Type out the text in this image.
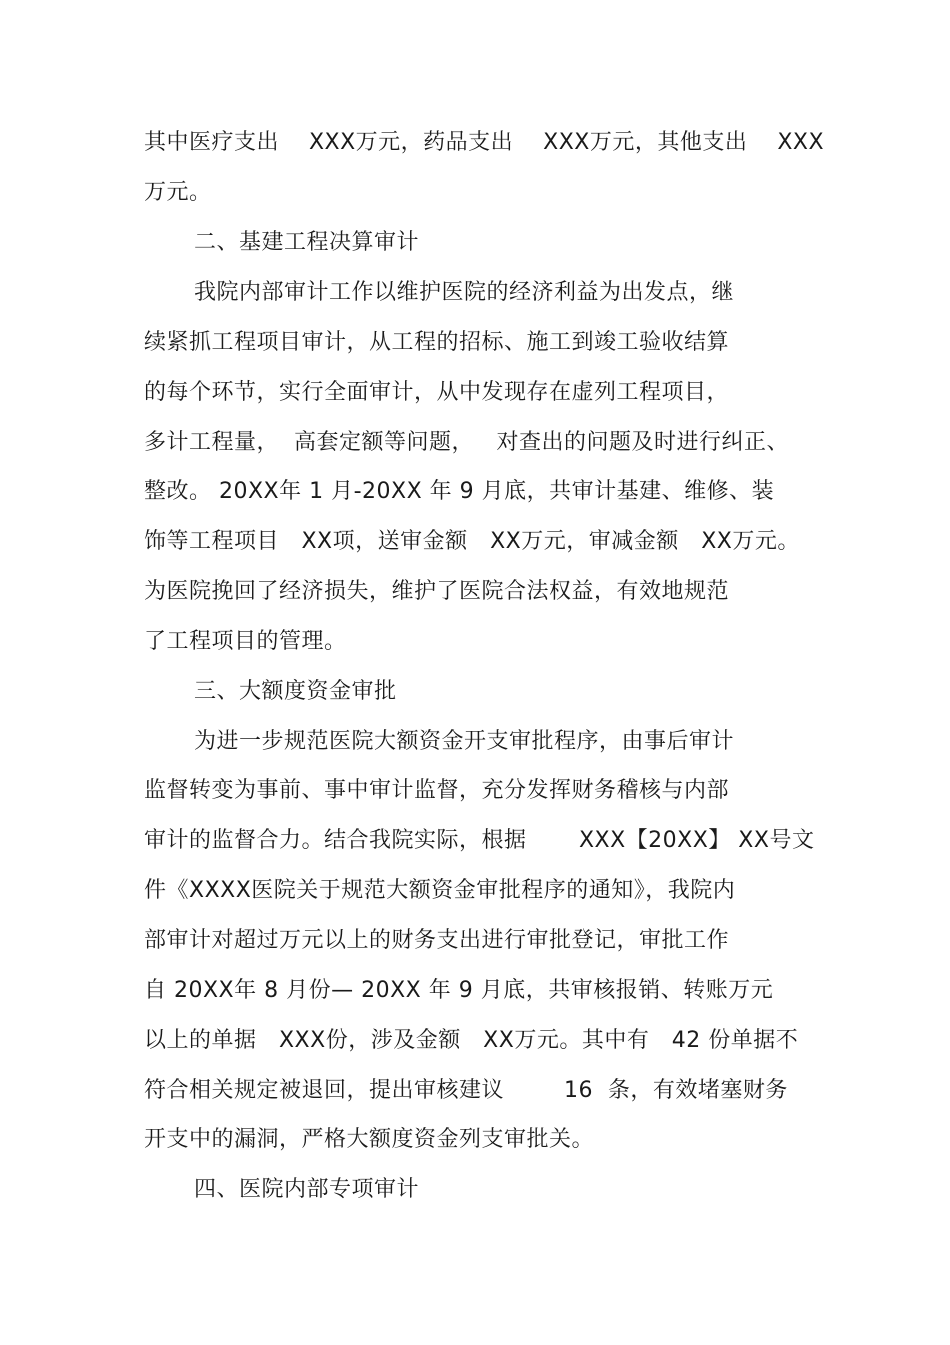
其中医疗支出    XXX万元，药品支出    XXX万元，其他支出    XXX
万元。
二、基建工程决算审计
我院内部审计工作以维护医院的经济利益为出发点，继
续紧抓工程项目审计，从工程的招标、施工到竣工验收结算
的每个环节，实行全面审计，从中发现存在虚列工程项目，
多计工程量，  高套定额等问题，   对查出的问题及时进行纠正、
整改。 20XX年 1 月-20XX 年 9 月底，共审计基建、维修、装
饰等工程项目   XX项，送审金额   XX万元，审减金额   XX万元。
为医院挽回了经济损失，维护了医院合法权益，有效地规范
了工程项目的管理。
三、大额度资金审批
为进一步规范医院大额资金开支审批程序，由事后审计
监督转变为事前、事中审计监督，充分发挥财务稽核与内部
审计的监督合力。结合我院实际，根据       XXX【20XX】 XX号文
件《XXXX医院关于规范大额资金审批程序的通知》，我院内
部审计对超过万元以上的财务支出进行审批登记，审批工作
自 20XX年 8 月份— 20XX 年 9 月底，共审核报销、转账万元
以上的单据   XXX份，涉及金额   XX万元。其中有   42 份单据不
符合相关规定被退回，提出审核建议        16  条，有效堵塞财务
开支中的漏洞，严格大额度资金列支审批关。
四、医院内部专项审计
